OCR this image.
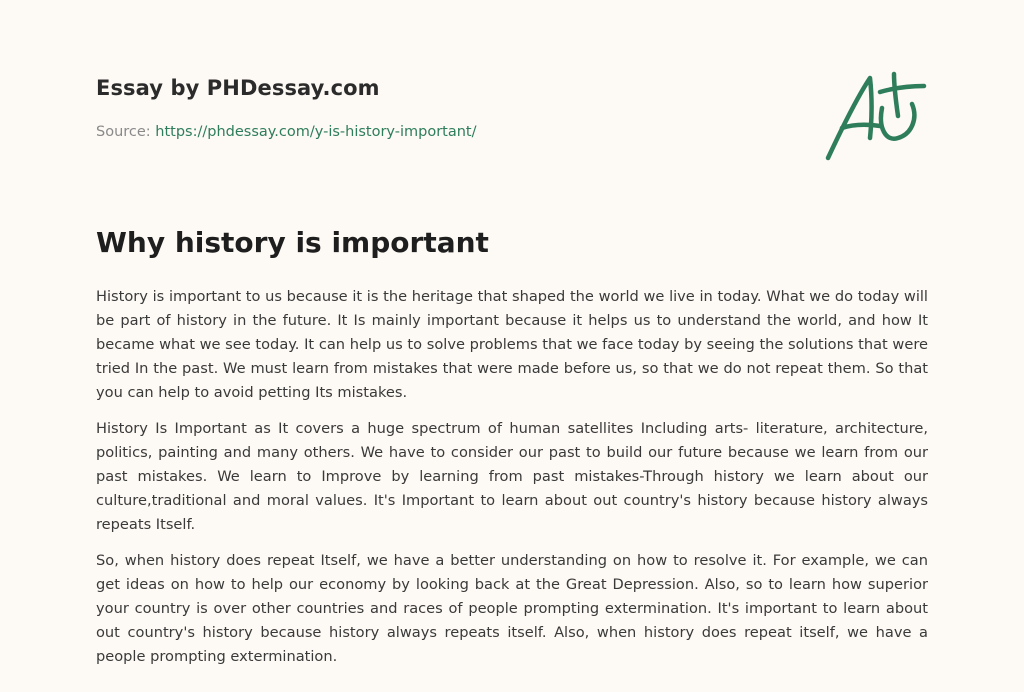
Essay by PHDessay.com

Source: https://phdessay.com/y-is-history-important/

Why history is important

History is important to us because it is the heritage that shaped the world we live in today. What we do today will be part of history in the future. It Is mainly important because it helps us to understand the world, and how It became what we see today. It can help us to solve problems that we face today by seeing the solutions that were tried In the past. We must learn from mistakes that were made before us, so that we do not repeat them. So that you can help to avoid petting Its mistakes.

History Is Important as It covers a huge spectrum of human satellites Including arts- literature, architecture, politics, painting and many others. We have to consider our past to build our future because we learn from our past mistakes. We learn to Improve by learning from past mistakes-Through history we learn about our culture,traditional and moral values. It's Important to learn about out country's history because history always repeats Itself.

So, when history does repeat Itself, we have a better understanding on how to resolve it. For example, we can get ideas on how to help our economy by looking back at the Great Depression. Also, so to learn how superior your country is over other countries and races of people prompting extermination. It's important to learn about out country's history because history always repeats itself. Also, when history does repeat itself, we have a people prompting extermination.
